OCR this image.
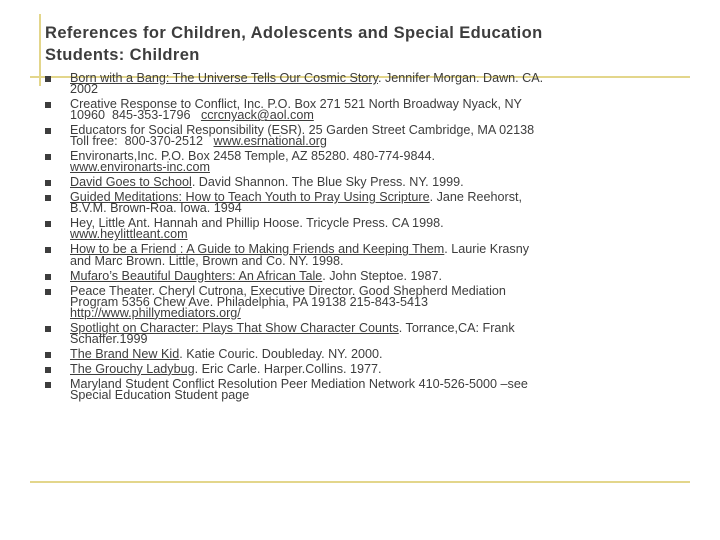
References for Children, Adolescents and Special Education
Students: Children
Born with a Bang: The Universe Tells Our Cosmic Story. Jennifer Morgan. Dawn. CA.
2002
Creative Response to Conflict, Inc. P.O. Box 271 521 North Broadway Nyack, NY
10960  845-353-1796   ccrcnyack@aol.com
Educators for Social Responsibility (ESR). 25 Garden Street Cambridge, MA 02138
Toll free:  800-370-2512   www.esrnational.org
Environarts,Inc. P.O. Box 2458 Temple, AZ 85280. 480-774-9844.
www.environarts-inc.com
David Goes to School. David Shannon. The Blue Sky Press. NY. 1999.
Guided Meditations: How to Teach Youth to Pray Using Scripture. Jane Reehorst,
B.V.M. Brown-Roa. Iowa. 1994
Hey, Little Ant. Hannah and Phillip Hoose. Tricycle Press. CA 1998.
www.heylittleant.com
How to be a Friend : A Guide to Making Friends and Keeping Them. Laurie Krasny
and Marc Brown. Little, Brown and Co. NY. 1998.
Mufaro’s Beautiful Daughters: An African Tale. John Steptoe. 1987.
Peace Theater. Cheryl Cutrona, Executive Director. Good Shepherd Mediation
Program 5356 Chew Ave. Philadelphia, PA 19138 215-843-5413
http://www.phillymediators.org/
Spotlight on Character: Plays That Show Character Counts. Torrance,CA: Frank
Schaffer.1999
The Brand New Kid. Katie Couric. Doubleday. NY. 2000.
The Grouchy Ladybug. Eric Carle. Harper.Collins. 1977.
Maryland Student Conflict Resolution Peer Mediation Network 410-526-5000 –see
Special Education Student page
